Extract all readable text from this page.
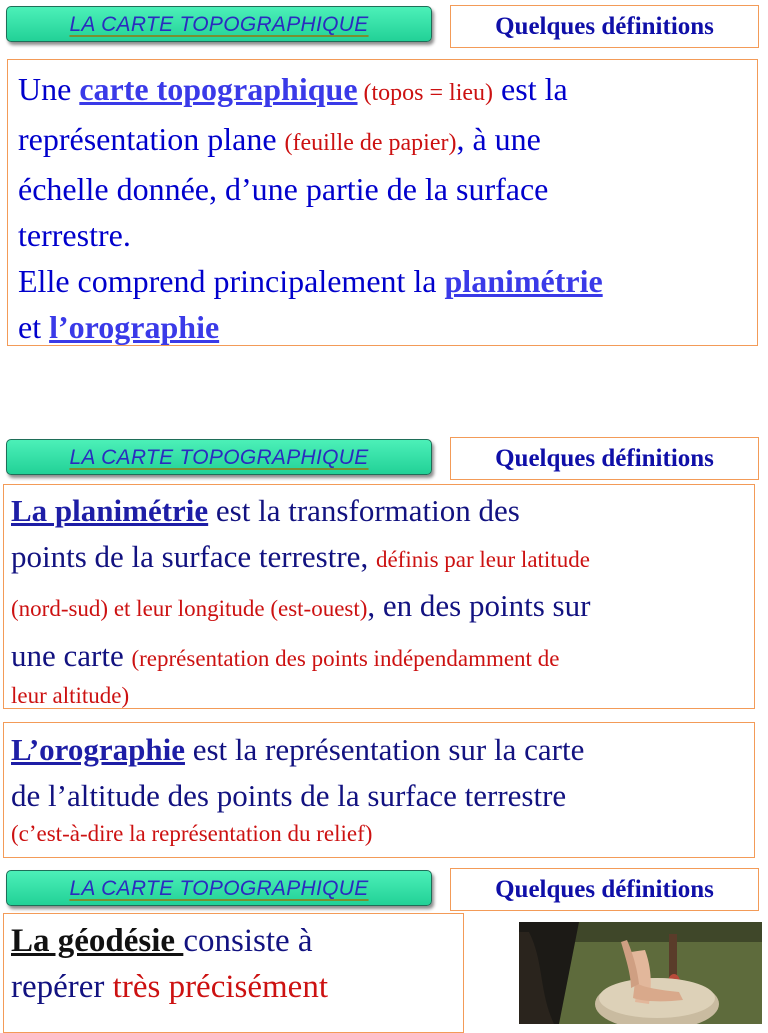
LA CARTE TOPOGRAPHIQUE	Quelques définitions

Une carte topographique (topos = lieu) est la

représentation plane (feuille de papier), à une

échelle donnée, d’une partie de la surface

terrestre.

Elle comprend principalement la planimétrie

et l’orographie

LA CARTE TOPOGRAPHIQUE	Quelques définitions

La planimétrie est la transformation des

points de la surface terrestre, définis par leur latitude

(nord-sud) et leur longitude (est-ouest), en des points sur

une carte (représentation des points indépendamment de

leur altitude)

L’orographie est la représentation sur la carte

de l’altitude des points de la surface terrestre

(c’est-à-dire la représentation du relief)

LA CARTE TOPOGRAPHIQUE	Quelques définitions

La géodésie consiste à

repérer très précisément
